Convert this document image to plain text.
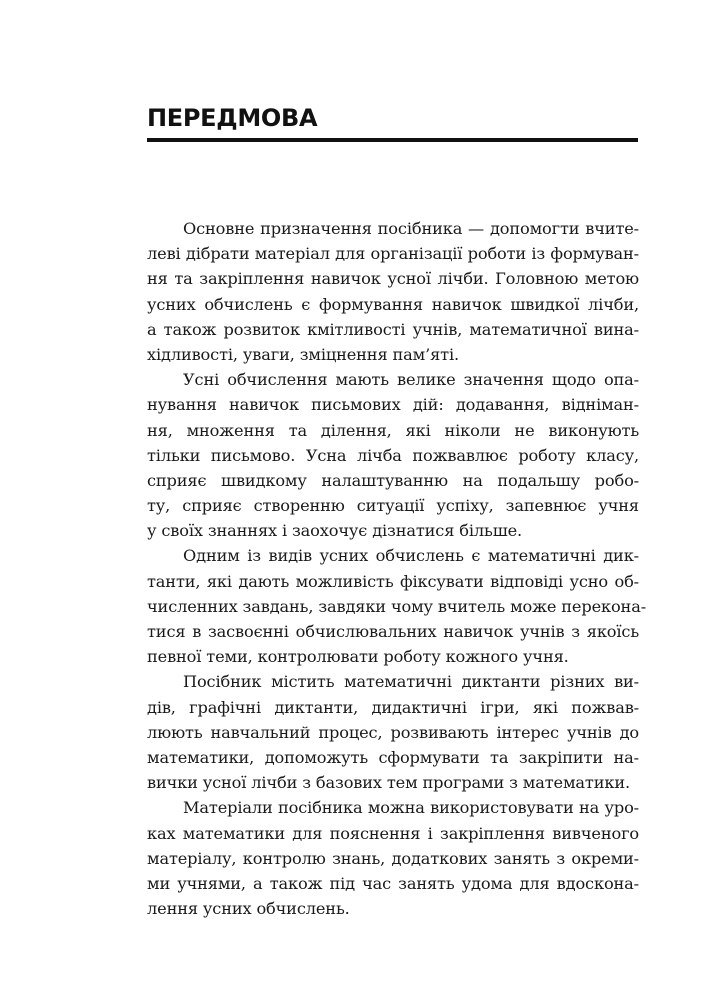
ПЕРЕДМОВА

Основне призначення посібника — допомогти вчите-
леві дібрати матеріал для організації роботи із формуван-
ня та закріплення навичок усної лічби. Головною метою
усних обчислень є формування навичок швидкої лічби,
а також розвиток кмітливості учнів, математичної вина-
хідливості, уваги, зміцнення пам’яті.

Усні обчислення мають велике значення щодо опа-
нування навичок письмових дій: додавання, відніман-
ня, множення та ділення, які ніколи не виконують
тільки письмово. Усна лічба пожвавлює роботу класу,
сприяє швидкому налаштуванню на подальшу робо-
ту, сприяє створенню ситуації успіху, запевнює учня
у своїх знаннях і заохочує дізнатися більше.

Одним із видів усних обчислень є математичні дик-
танти, які дають можливість фіксувати відповіді усно об-
численних завдань, завдяки чому вчитель може переконa-
тися в засвоєнні обчислювальних навичок учнів з якоїсь
певної теми, контролювати роботу кожного учня.

Посібник містить математичні диктанти різних ви-
дів, графічні диктанти, дидактичні ігри, які пожвав-
люють навчальний процес, розвивають інтерес учнів до
математики, допоможуть сформувати та закріпити на-
вички усної лічби з базових тем програми з математики.

Матеріали посібника можна використовувати на уро-
ках математики для пояснення і закріплення вивченого
матеріалу, контролю знань, додаткових занять з окреми-
ми учнями, а також під час занять удома для вдоскона-
лення усних обчислень.
